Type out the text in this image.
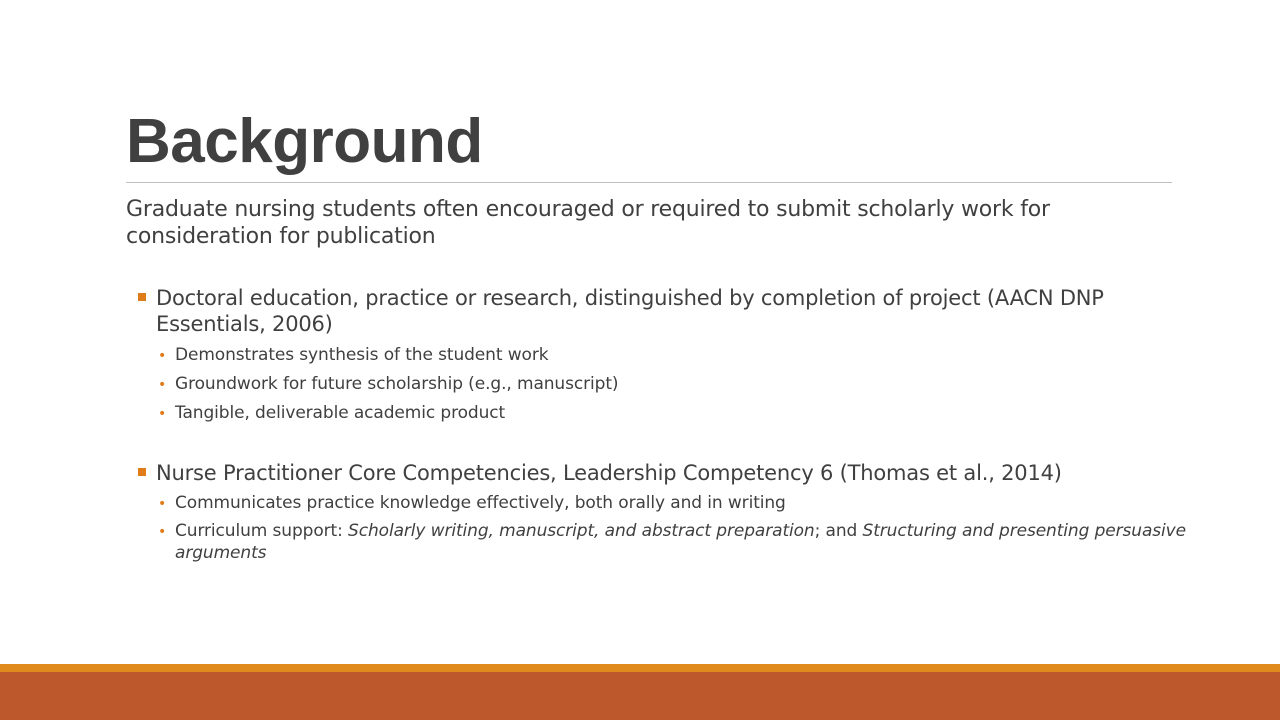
Background

Graduate nursing students often encouraged or required to submit scholarly work for consideration for publication

Doctoral education, practice or research, distinguished by completion of project (AACN DNP Essentials, 2006)
• Demonstrates synthesis of the student work
• Groundwork for future scholarship (e.g., manuscript)
• Tangible, deliverable academic product
Nurse Practitioner Core Competencies, Leadership Competency 6 (Thomas et al., 2014)
• Communicates practice knowledge effectively, both orally and in writing
• Curriculum support: Scholarly writing, manuscript, and abstract preparation; and Structuring and presenting persuasive arguments
